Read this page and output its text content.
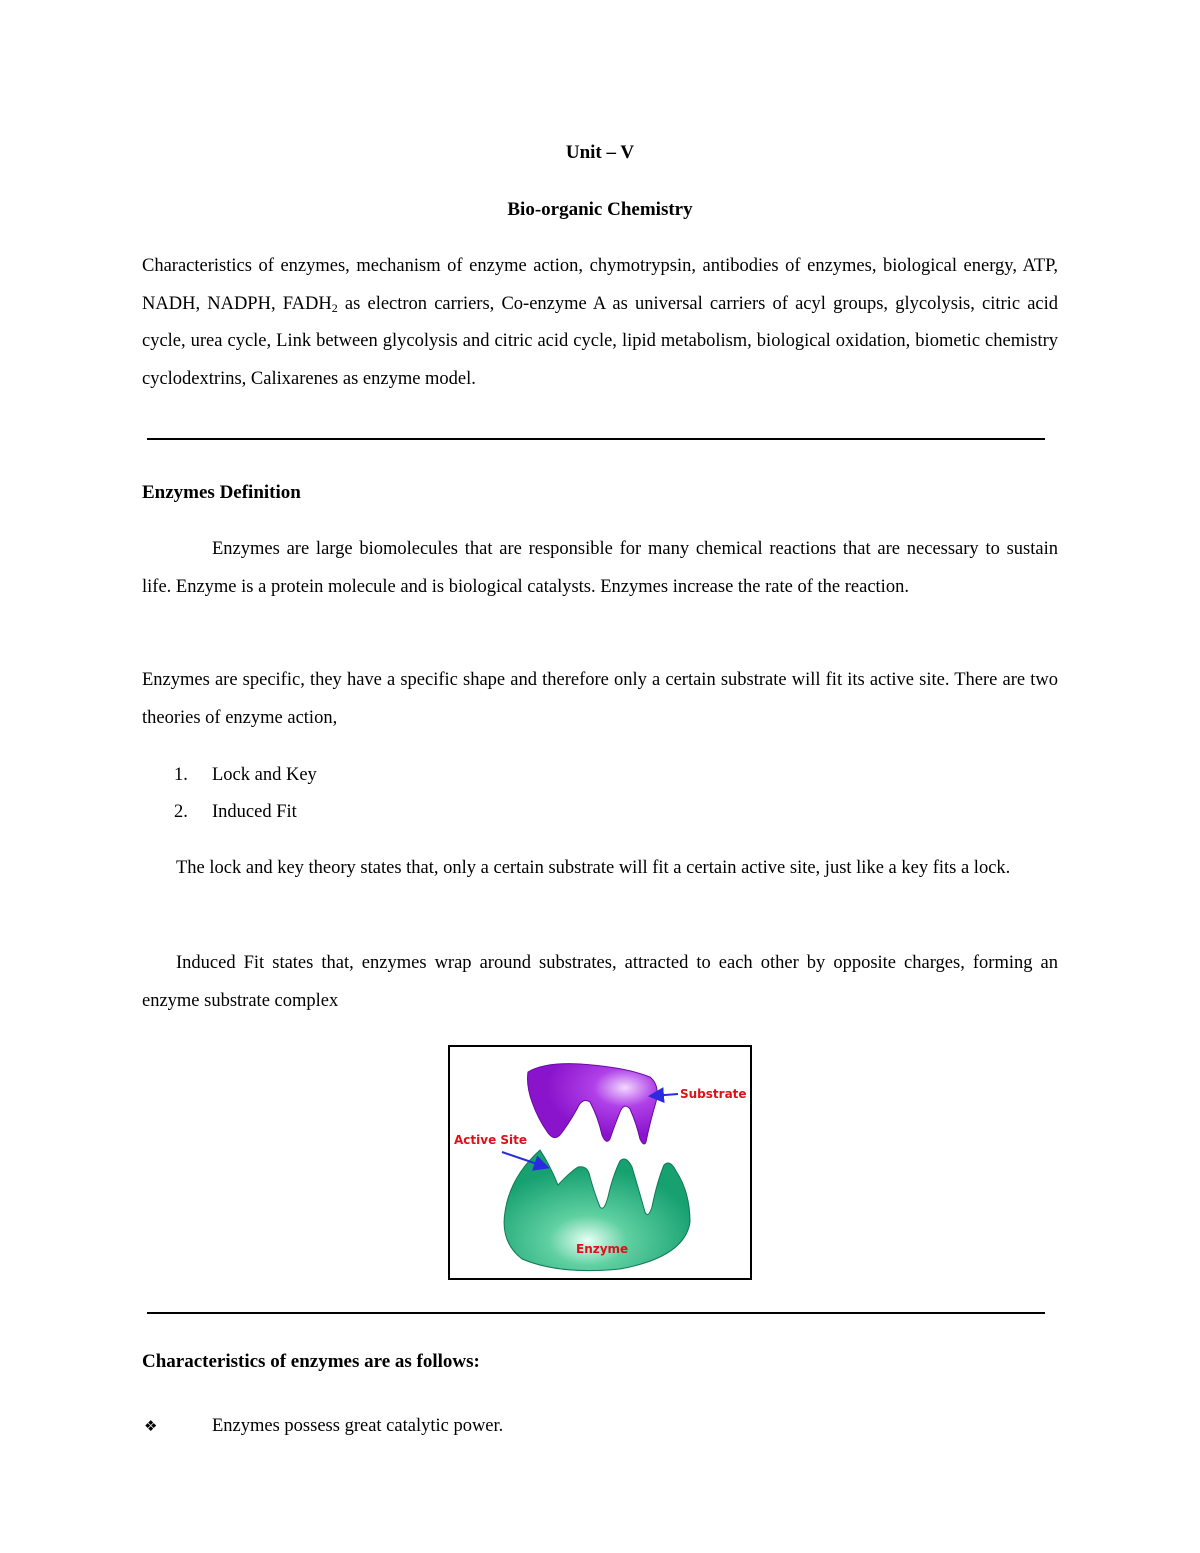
Unit – V
Bio-organic Chemistry

Characteristics of enzymes, mechanism of enzyme action, chymotrypsin, antibodies of enzymes, biological energy, ATP, NADH, NADPH, $FADH_2$ as electron carriers, Co-enzyme A as universal carriers of acyl groups, glycolysis, citric acid cycle, urea cycle, Link between glycolysis and citric acid cycle, lipid metabolism, biological oxidation, biometic chemistry cyclodextrins, Calixarenes as enzyme model.

Enzymes Definition

Enzymes are large biomolecules that are responsible for many chemical reactions that are necessary to sustain life. Enzyme is a protein molecule and is biological catalysts. Enzymes increase the rate of the reaction.

Enzymes are specific, they have a specific shape and therefore only a certain substrate will fit its active site. There are two theories of enzyme action,

1. Lock and Key
2. Induced Fit

The lock and key theory states that, only a certain substrate will fit a certain active site, just like a key fits a lock.

Induced Fit states that, enzymes wrap around substrates, attracted to each other by opposite charges, forming an enzyme substrate complex

Substrate
Active Site
Enzyme
Characteristics of enzymes are as follows:
❖	Enzymes possess great catalytic power.
